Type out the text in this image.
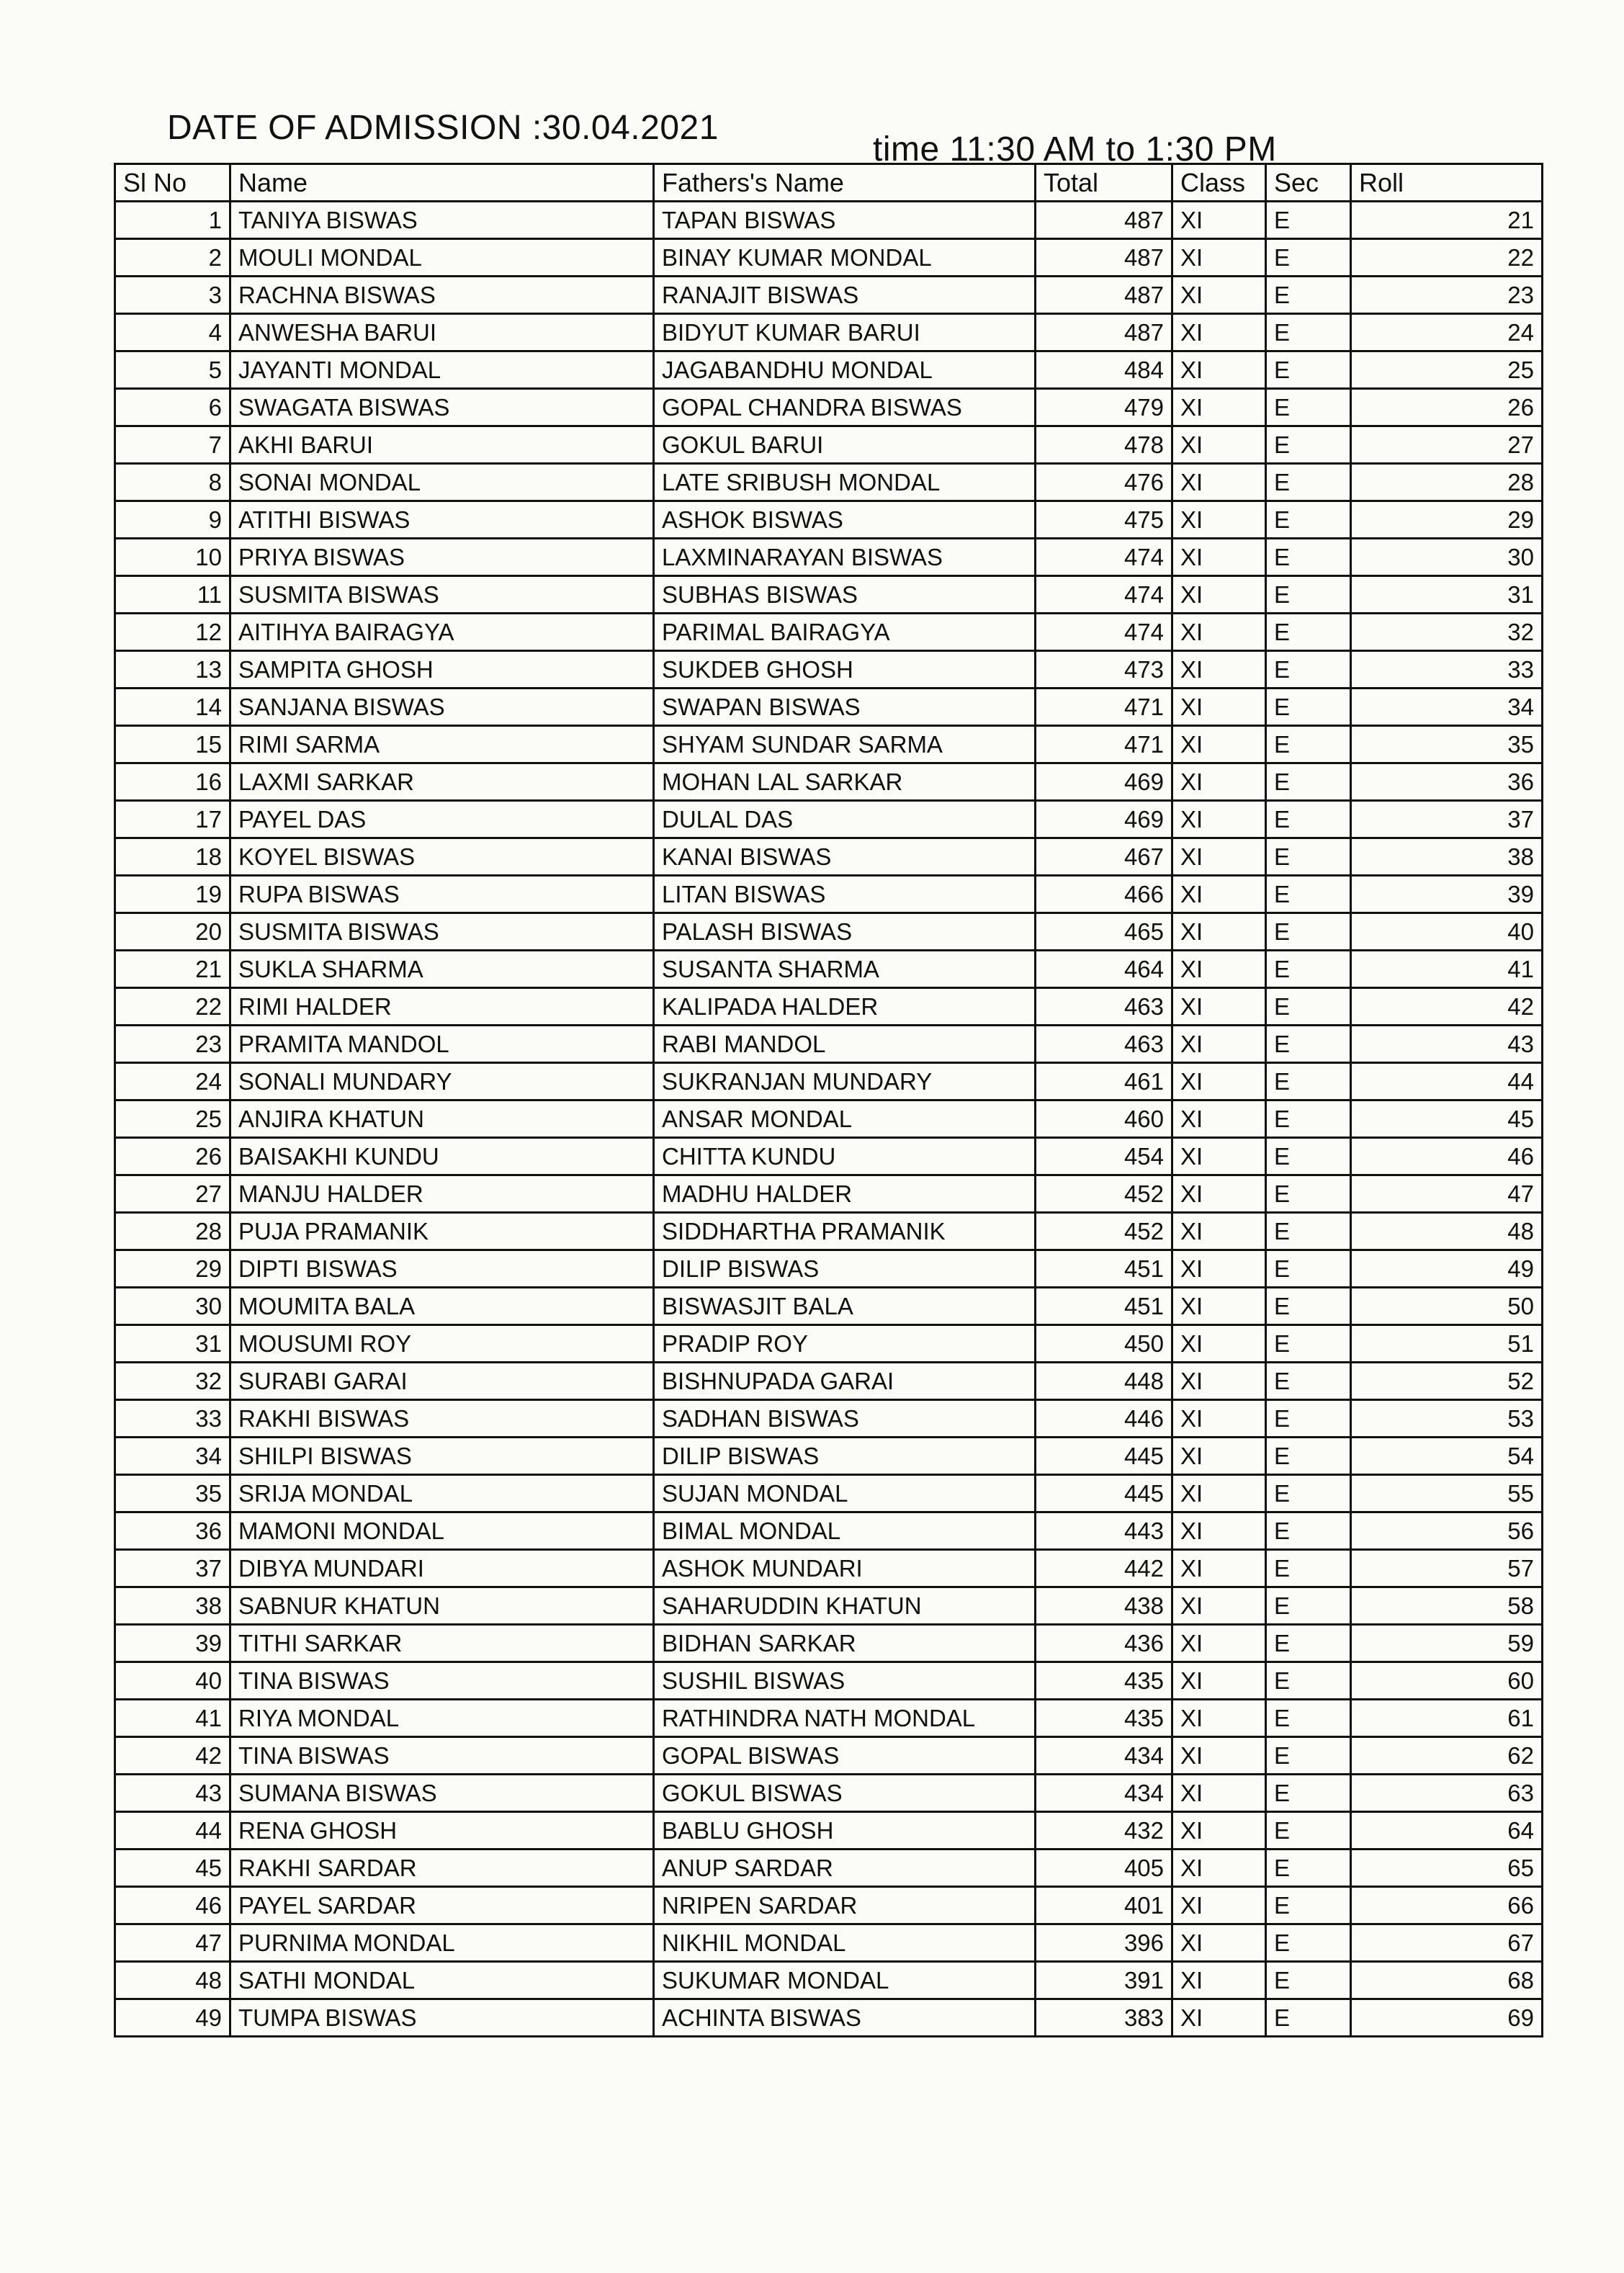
DATE OF ADMISSION :30.04.2021
time 11:30 AM to 1:30 PM
Sl No	Name	Fathers's Name	Total	Class	Sec	Roll
1	TANIYA BISWAS	TAPAN BISWAS	487	XI	E	21
2	MOULI MONDAL	BINAY KUMAR MONDAL	487	XI	E	22
3	RACHNA BISWAS	RANAJIT BISWAS	487	XI	E	23
4	ANWESHA BARUI	BIDYUT KUMAR BARUI	487	XI	E	24
5	JAYANTI MONDAL	JAGABANDHU MONDAL	484	XI	E	25
6	SWAGATA BISWAS	GOPAL CHANDRA BISWAS	479	XI	E	26
7	AKHI BARUI	GOKUL BARUI	478	XI	E	27
8	SONAI MONDAL	LATE SRIBUSH MONDAL	476	XI	E	28
9	ATITHI BISWAS	ASHOK BISWAS	475	XI	E	29
10	PRIYA BISWAS	LAXMINARAYAN BISWAS	474	XI	E	30
11	SUSMITA BISWAS	SUBHAS BISWAS	474	XI	E	31
12	AITIHYA BAIRAGYA	PARIMAL BAIRAGYA	474	XI	E	32
13	SAMPITA GHOSH	SUKDEB GHOSH	473	XI	E	33
14	SANJANA BISWAS	SWAPAN BISWAS	471	XI	E	34
15	RIMI SARMA	SHYAM SUNDAR SARMA	471	XI	E	35
16	LAXMI SARKAR	MOHAN LAL SARKAR	469	XI	E	36
17	PAYEL DAS	DULAL DAS	469	XI	E	37
18	KOYEL BISWAS	KANAI BISWAS	467	XI	E	38
19	RUPA BISWAS	LITAN BISWAS	466	XI	E	39
20	SUSMITA BISWAS	PALASH BISWAS	465	XI	E	40
21	SUKLA SHARMA	SUSANTA SHARMA	464	XI	E	41
22	RIMI HALDER	KALIPADA HALDER	463	XI	E	42
23	PRAMITA MANDOL	RABI MANDOL	463	XI	E	43
24	SONALI MUNDARY	SUKRANJAN MUNDARY	461	XI	E	44
25	ANJIRA KHATUN	ANSAR MONDAL	460	XI	E	45
26	BAISAKHI KUNDU	CHITTA KUNDU	454	XI	E	46
27	MANJU HALDER	MADHU HALDER	452	XI	E	47
28	PUJA PRAMANIK	SIDDHARTHA PRAMANIK	452	XI	E	48
29	DIPTI BISWAS	DILIP BISWAS	451	XI	E	49
30	MOUMITA BALA	BISWASJIT BALA	451	XI	E	50
31	MOUSUMI ROY	PRADIP ROY	450	XI	E	51
32	SURABI GARAI	BISHNUPADA GARAI	448	XI	E	52
33	RAKHI BISWAS	SADHAN BISWAS	446	XI	E	53
34	SHILPI BISWAS	DILIP BISWAS	445	XI	E	54
35	SRIJA MONDAL	SUJAN MONDAL	445	XI	E	55
36	MAMONI MONDAL	BIMAL MONDAL	443	XI	E	56
37	DIBYA MUNDARI	ASHOK MUNDARI	442	XI	E	57
38	SABNUR KHATUN	SAHARUDDIN KHATUN	438	XI	E	58
39	TITHI SARKAR	BIDHAN SARKAR	436	XI	E	59
40	TINA BISWAS	SUSHIL BISWAS	435	XI	E	60
41	RIYA MONDAL	RATHINDRA NATH MONDAL	435	XI	E	61
42	TINA BISWAS	GOPAL BISWAS	434	XI	E	62
43	SUMANA BISWAS	GOKUL BISWAS	434	XI	E	63
44	RENA GHOSH	BABLU GHOSH	432	XI	E	64
45	RAKHI SARDAR	ANUP SARDAR	405	XI	E	65
46	PAYEL SARDAR	NRIPEN SARDAR	401	XI	E	66
47	PURNIMA MONDAL	NIKHIL MONDAL	396	XI	E	67
48	SATHI MONDAL	SUKUMAR MONDAL	391	XI	E	68
49	TUMPA BISWAS	ACHINTA BISWAS	383	XI	E	69
